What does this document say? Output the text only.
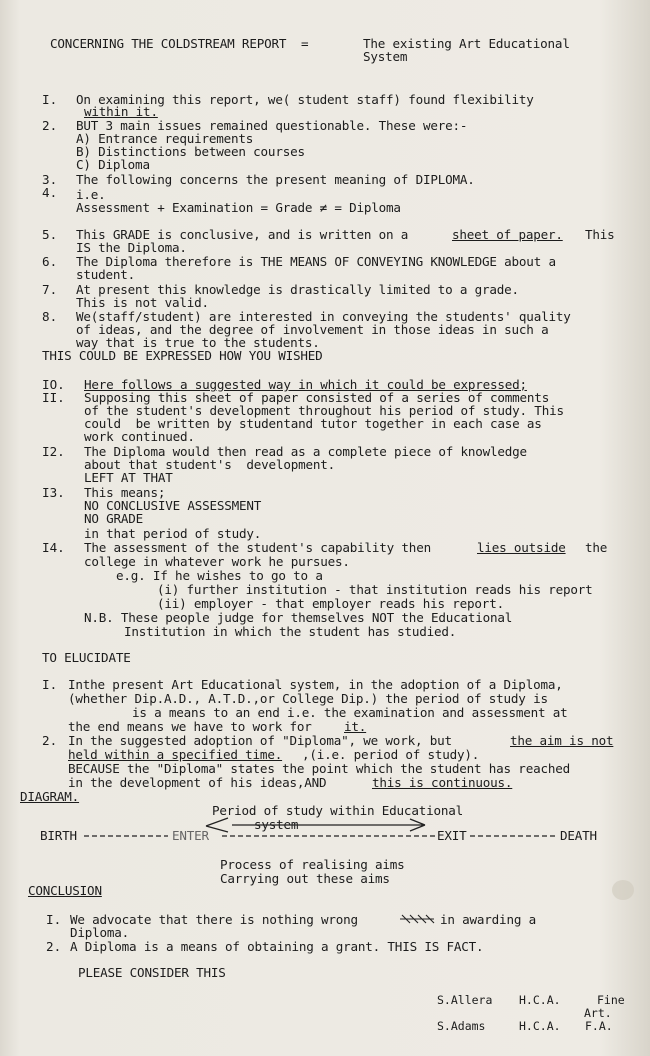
CONCERNING THE COLDSTREAM REPORT  =	The existing Art Educational
System
I. On examining this report, we( student staff) found flexibility
within it.
2. BUT 3 main issues remained questionable. These were:-
A) Entrance requirements
B) Distinctions between courses
C) Diploma
3. The following concerns the present meaning of DIPLOMA.
4. i.e.
Assessment + Examination = Grade ≠ = Diploma
5. This GRADE is conclusive, and is written on a	sheet of paper. This
IS the Diploma.
6. The Diploma therefore is THE MEANS OF CONVEYING KNOWLEDGE about a
student.
7. At present this knowledge is drastically limited to a grade.
This is not valid.
8. We(staff/student) are interested in conveying the students' quality
of ideas, and the degree of involvement in those ideas in such a
way that is true to the students.
THIS COULD BE EXPRESSED HOW YOU WISHED
IO. Here follows a suggested way in which it could be expressed;
II. Supposing this sheet of paper consisted of a series of comments
of the student's development throughout his period of study. This
could  be written by studentand tutor together in each case as
work continued.
I2. The Diploma would then read as a complete piece of knowledge
about that student's  development.
LEFT AT THAT
I3. This means;
NO CONCLUSIVE ASSESSMENT
NO GRADE
in that period of study.
I4. The assessment of the student's capability then	lies outside the
college in whatever work he pursues.
e.g. If he wishes to go to a
(i) further institution - that institution reads his report
(ii) employer - that employer reads his report.
N.B. These people judge for themselves NOT the Educational
Institution in which the student has studied.
TO ELUCIDATE
I. Inthe present Art Educational system, in the adoption of a Diploma,
(whether Dip.A.D., A.T.D.,or College Dip.) the period of study is
is a means to an end i.e. the examination and assessment at
the end means we have to work for	it.
2. In the suggested adoption of "Diploma", we work, but	the aim is not
held within a specified time. ,(i.e. period of study).
BECAUSE the "Diploma" states the point which the student has reached
in the development of his ideas,AND	this is continuous.
DIAGRAM.
Period of study within Educational
system
BIRTH	ENTER	EXIT	DEATH
Process of realising aims
Carrying out these aims
CONCLUSION
I. We advocate that there is nothing wrong	in awarding a
Diploma.
2. A Diploma is a means of obtaining a grant. THIS IS FACT.
PLEASE CONSIDER THIS
S.Allera H.C.A.	Fine
Art.
S.Adams	H.C.A. F.A.
